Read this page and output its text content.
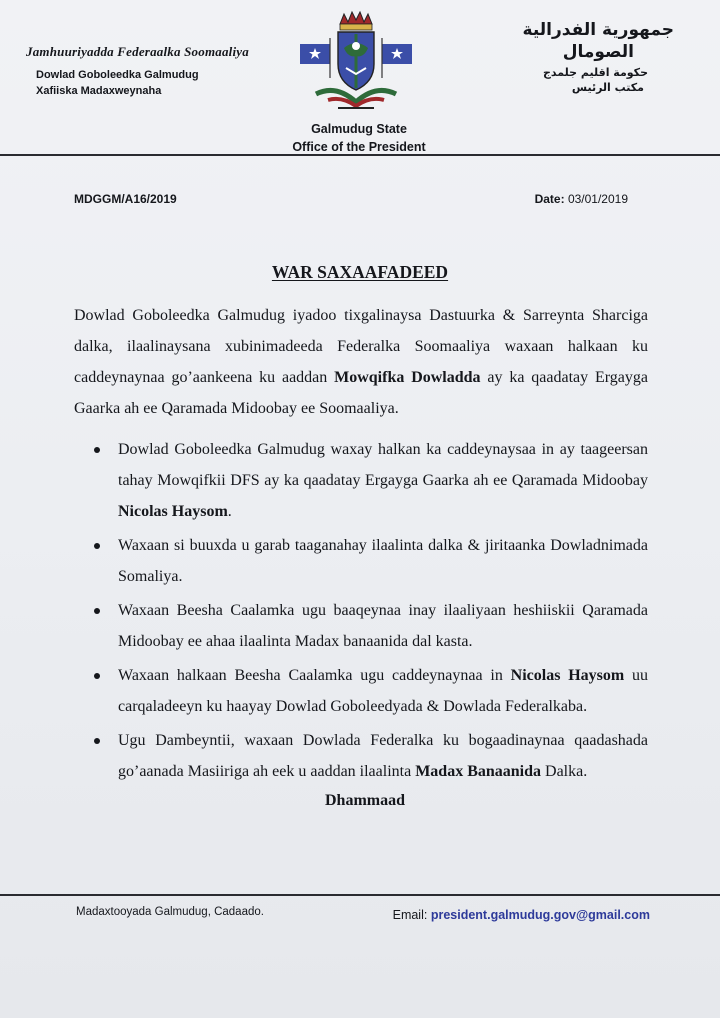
Jamhuuriyadda Federaalka Soomaaliya
Dowlad Goboleedka Galmudug
Xafiiska Madaxweynaha
Galmudug State
Office of the President
جمهورية الفدرالية
الصومال
حكومة اقليم جلمدج
مكتب الرئيس
MDGGM/A16/2019	Date: 03/01/2019
WAR SAXAAFADEED
Dowlad Goboleedka Galmudug iyadoo tixgalinaysa Dastuurka & Sarreynta Sharciga dalka, ilaalinaysana xubinimadeeda Federalka Soomaaliya waxaan halkaan ku caddeynaynaa go’aankeena ku aaddan Mowqifka Dowladda ay ka qaadatay Ergayga Gaarka ah ee Qaramada Midoobay ee Soomaaliya.
Dowlad Goboleedka Galmudug waxay halkan ka caddeynaysaa in ay taageersan tahay Mowqifkii DFS ay ka qaadatay Ergayga Gaarka ah ee Qaramada Midoobay Nicolas Haysom.
Waxaan si buuxda u garab taaganahay ilaalinta dalka & jiritaanka Dowladnimada Somaliya.
Waxaan Beesha Caalamka ugu baaqeynaa inay ilaaliyaan heshiiskii Qaramada Midoobay ee ahaa ilaalinta Madax banaanida dal kasta.
Waxaan halkaan Beesha Caalamka ugu caddeynaynaa in Nicolas Haysom uu carqaladeeyn ku haayay Dowlad Goboleedyada & Dowlada Federalkaba.
Ugu Dambeyntii, waxaan Dowlada Federalka ku bogaadinaynaa qaadashada go’aanada Masiiriga ah eek u aaddan ilaalinta Madax Banaanida Dalka.
Dhammaad
Madaxtooyada Galmudug, Cadaado.	Email: president.galmudug.gov@gmail.com
